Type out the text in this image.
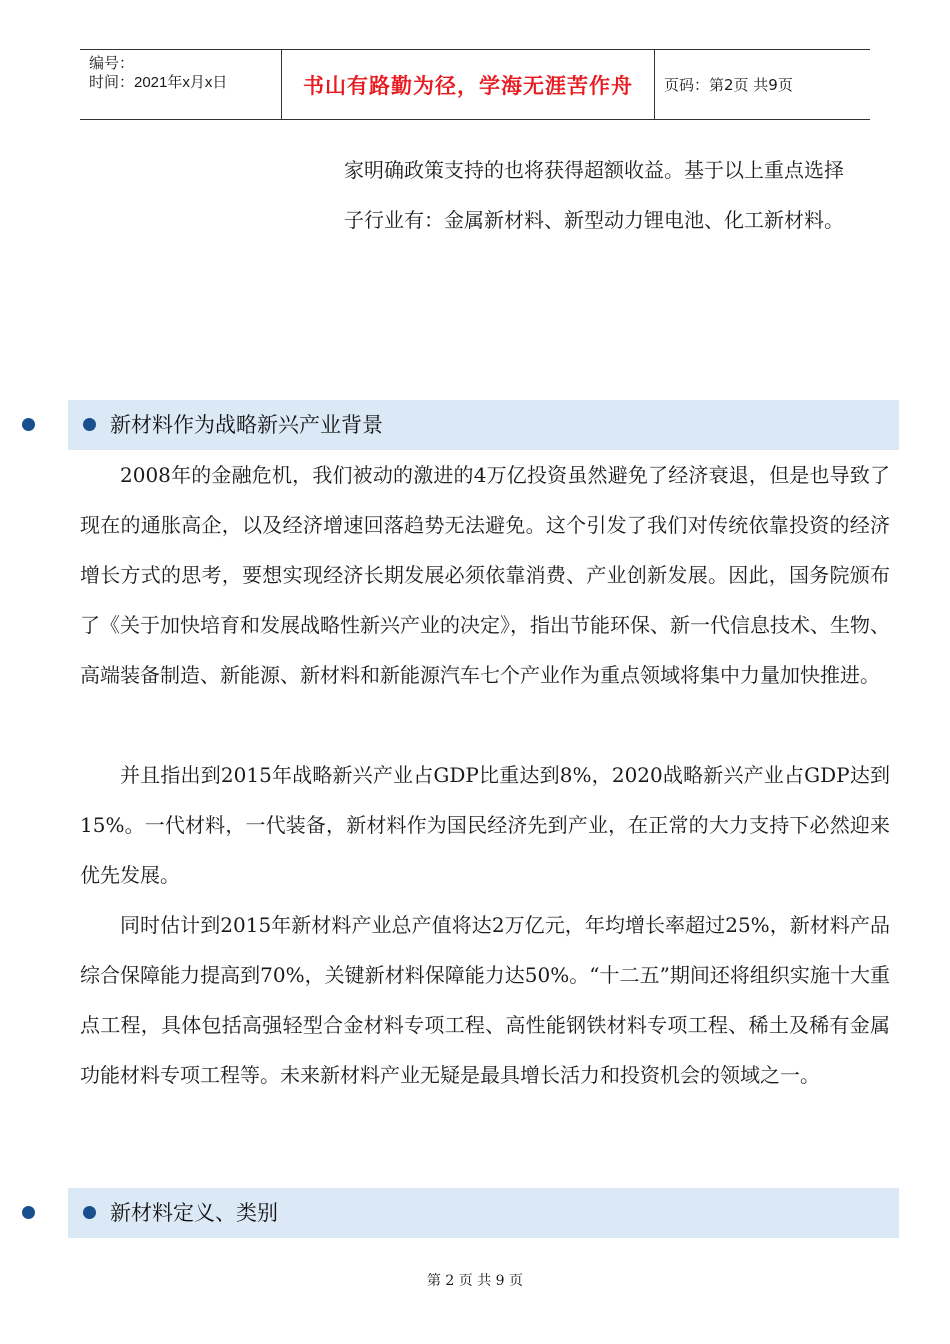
编号：
时间：2021年x月x日	书山有路勤为径，学海无涯苦作舟	页码：第2页 共9页

家明确政策支持的也将获得超额收益。基于以上重点选择

子行业有：金属新材料、新型动力锂电池、化工新材料。

新材料作为战略新兴产业背景

2008年的金融危机，我们被动的激进的4万亿投资虽然避免了经济衰退，但是也导致了现在的通胀高企，以及经济增速回落趋势无法避免。这个引发了我们对传统依靠投资的经济增长方式的思考，要想实现经济长期发展必须依靠消费、产业创新发展。因此，国务院颁布了《关于加快培育和发展战略性新兴产业的决定》，指出节能环保、新一代信息技术、生物、高端装备制造、新能源、新材料和新能源汽车七个产业作为重点领域将集中力量加快推进。

并且指出到2015年战略新兴产业占GDP比重达到8%，2020战略新兴产业占GDP达到15%。一代材料，一代装备，新材料作为国民经济先到产业，在正常的大力支持下必然迎来优先发展。

同时估计到2015年新材料产业总产值将达2万亿元，年均增长率超过25%，新材料产品综合保障能力提高到70%，关键新材料保障能力达50%。“十二五”期间还将组织实施十大重点工程，具体包括高强轻型合金材料专项工程、高性能钢铁材料专项工程、稀土及稀有金属功能材料专项工程等。未来新材料产业无疑是最具增长活力和投资机会的领域之一。

新材料定义、类别
第 2 页 共 9 页
